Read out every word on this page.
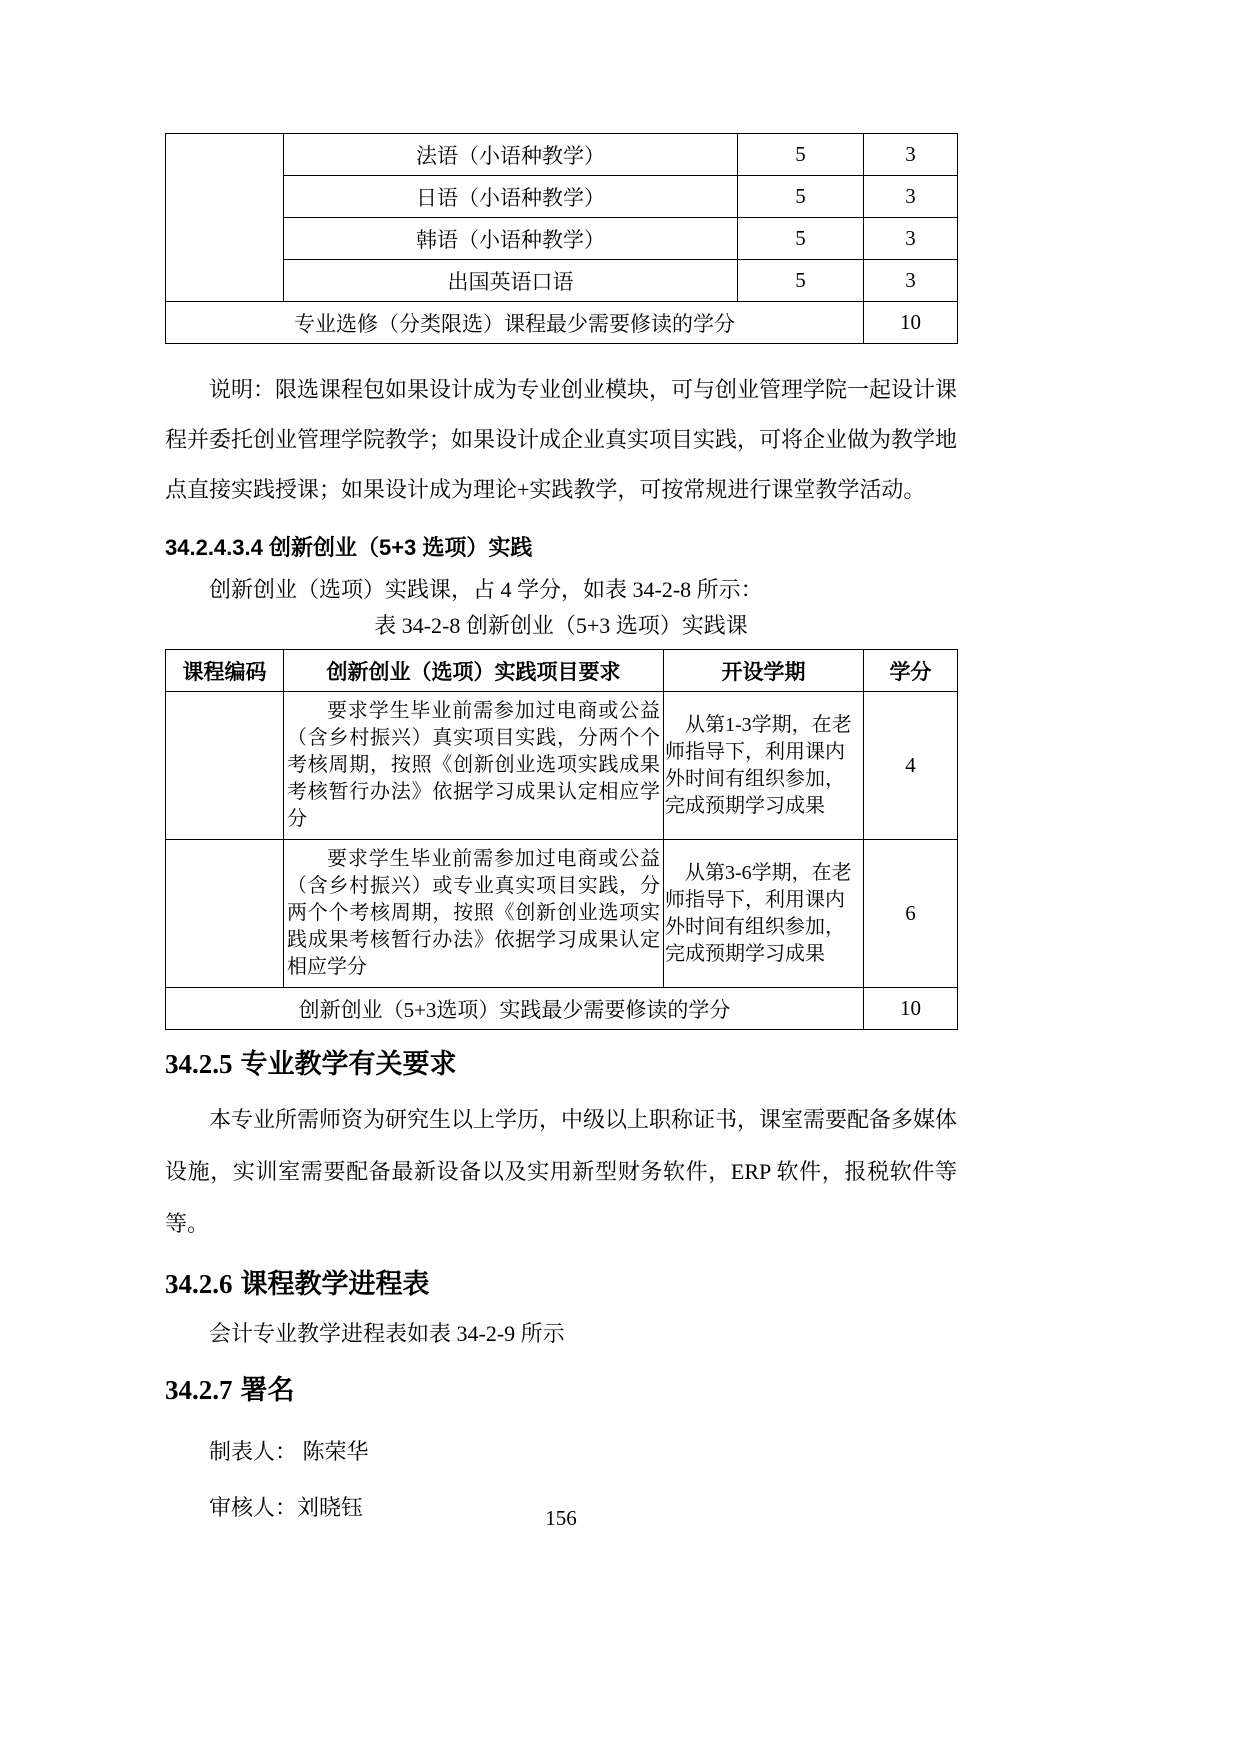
	法语（小语种教学）	5	3
	日语（小语种教学）	5	3
	韩语（小语种教学）	5	3
	出国英语口语	5	3
专业选修（分类限选）课程最少需要修读的学分			10

说明：限选课程包如果设计成为专业创业模块，可与创业管理学院一起设计课程并委托创业管理学院教学；如果设计成企业真实项目实践，可将企业做为教学地点直接实践授课；如果设计成为理论+实践教学，可按常规进行课堂教学活动。

34.2.4.3.4 创新创业（5+3 选项）实践

创新创业（选项）实践课，占 4 学分，如表 34-2-8 所示：

表 34-2-8 创新创业（5+3 选项）实践课

课程编码	创新创业（选项）实践项目要求	开设学期	学分
	要求学生毕业前需参加过电商或公益（含乡村振兴）真实项目实践，分两个个考核周期，按照《创新创业选项实践成果考核暂行办法》依据学习成果认定相应学分	从第1-3学期，在老师指导下，利用课内外时间有组织参加，完成预期学习成果	4
	要求学生毕业前需参加过电商或公益（含乡村振兴）或专业真实项目实践，分两个个考核周期，按照《创新创业选项实践成果考核暂行办法》依据学习成果认定相应学分	从第3-6学期，在老师指导下，利用课内外时间有组织参加，完成预期学习成果	6
创新创业（5+3选项）实践最少需要修读的学分			10
34.2.5 专业教学有关要求

本专业所需师资为研究生以上学历，中级以上职称证书，课室需要配备多媒体设施，实训室需要配备最新设备以及实用新型财务软件，ERP 软件，报税软件等等。

34.2.6 课程教学进程表

会计专业教学进程表如表 34-2-9 所示

34.2.7 署名

制表人： 陈荣华

审核人：刘晓钰	156
